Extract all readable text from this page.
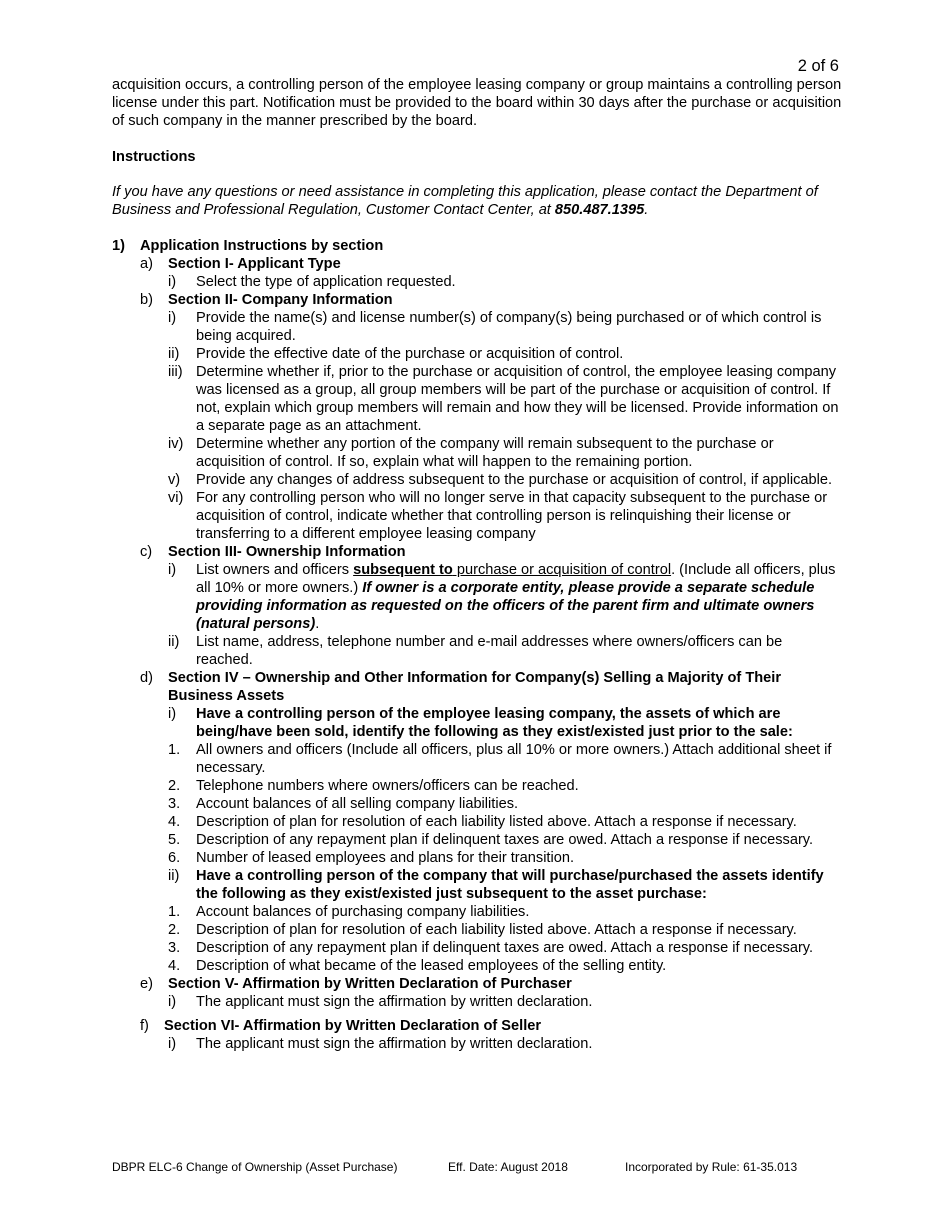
2 of 6
acquisition occurs, a controlling person of the employee leasing company or group maintains a controlling person license under this part. Notification must be provided to the board within 30 days after the purchase or acquisition of such company in the manner prescribed by the board.
Instructions
If you have any questions or need assistance in completing this application, please contact the Department of Business and Professional Regulation, Customer Contact Center, at 850.487.1395.
1) Application Instructions by section
a) Section I- Applicant Type
i) Select the type of application requested.
b) Section II- Company Information
i) Provide the name(s) and license number(s) of company(s) being purchased or of which control is being acquired.
ii) Provide the effective date of the purchase or acquisition of control.
iii) Determine whether if, prior to the purchase or acquisition of control, the employee leasing company was licensed as a group, all group members will be part of the purchase or acquisition of control. If not, explain which group members will remain and how they will be licensed. Provide information on a separate page as an attachment.
iv) Determine whether any portion of the company will remain subsequent to the purchase or acquisition of control. If so, explain what will happen to the remaining portion.
v) Provide any changes of address subsequent to the purchase or acquisition of control, if applicable.
vi) For any controlling person who will no longer serve in that capacity subsequent to the purchase or acquisition of control, indicate whether that controlling person is relinquishing their license or transferring to a different employee leasing company
c) Section III- Ownership Information
i) List owners and officers subsequent to purchase or acquisition of control. (Include all officers, plus all 10% or more owners.) If owner is a corporate entity, please provide a separate schedule providing information as requested on the officers of the parent firm and ultimate owners (natural persons).
ii) List name, address, telephone number and e-mail addresses where owners/officers can be reached.
d) Section IV – Ownership and Other Information for Company(s) Selling a Majority of Their Business Assets
i) Have a controlling person of the employee leasing company, the assets of which are being/have been sold, identify the following as they exist/existed just prior to the sale:
1. All owners and officers (Include all officers, plus all 10% or more owners.) Attach additional sheet if necessary.
2. Telephone numbers where owners/officers can be reached.
3. Account balances of all selling company liabilities.
4. Description of plan for resolution of each liability listed above. Attach a response if necessary.
5. Description of any repayment plan if delinquent taxes are owed. Attach a response if necessary.
6. Number of leased employees and plans for their transition.
ii) Have a controlling person of the company that will purchase/purchased the assets identify the following as they exist/existed just subsequent to the asset purchase:
1. Account balances of purchasing company liabilities.
2. Description of plan for resolution of each liability listed above. Attach a response if necessary.
3. Description of any repayment plan if delinquent taxes are owed. Attach a response if necessary.
4. Description of what became of the leased employees of the selling entity.
e) Section V- Affirmation by Written Declaration of Purchaser
i) The applicant must sign the affirmation by written declaration.
f) Section VI- Affirmation by Written Declaration of Seller
i) The applicant must sign the affirmation by written declaration.
DBPR ELC-6 Change of Ownership (Asset Purchase)	Eff. Date: August 2018	Incorporated by Rule: 61-35.013
